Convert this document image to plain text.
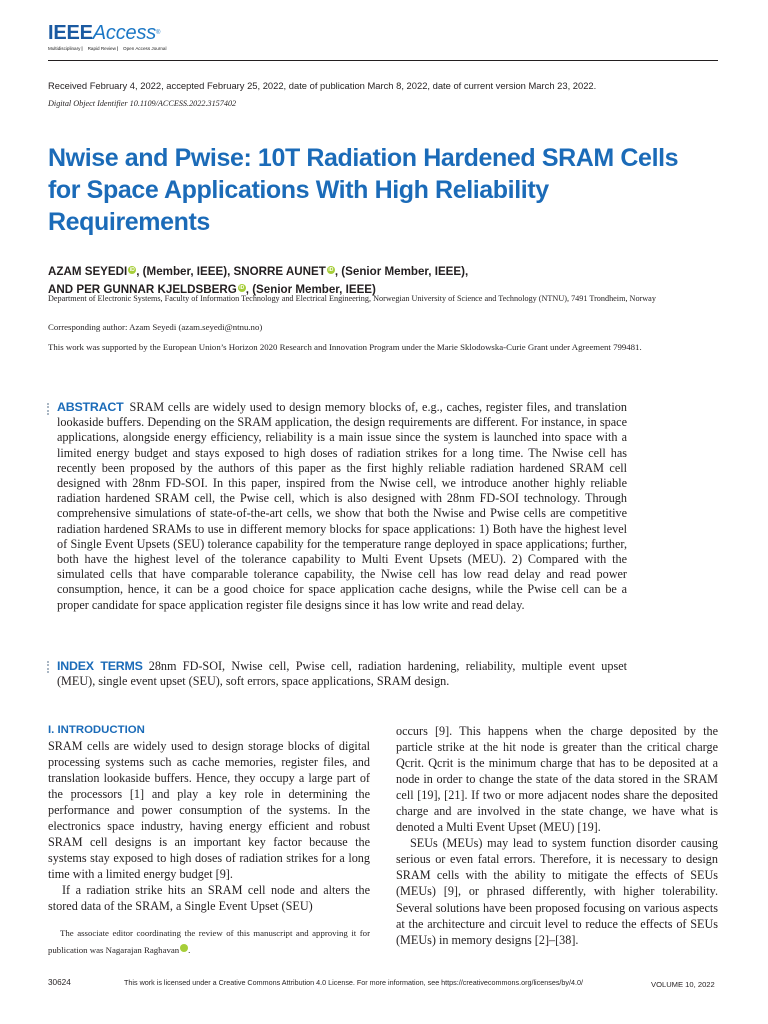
IEEEAccess®
Multidisciplinary ⎸ Rapid Review ⎸ Open Access Journal
Received February 4, 2022, accepted February 25, 2022, date of publication March 8, 2022, date of current version March 23, 2022.
Digital Object Identifier 10.1109/ACCESS.2022.3157402
Nwise and Pwise: 10T Radiation Hardened SRAM Cells for Space Applications With High Reliability Requirements
AZAM SEYEDI iD , (Member, IEEE), SNORRE AUNET iD , (Senior Member, IEEE),
AND PER GUNNAR KJELDSBERG iD , (Senior Member, IEEE)
Department of Electronic Systems, Faculty of Information Technology and Electrical Engineering, Norwegian University of Science and Technology (NTNU), 7491 Trondheim, Norway
Corresponding author: Azam Seyedi (azam.seyedi@ntnu.no)
This work was supported by the European Union’s Horizon 2020 Research and Innovation Program under the Marie Sklodowska-Curie Grant under Agreement 799481.
ABSTRACT SRAM cells are widely used to design memory blocks of, e.g., caches, register files, and translation lookaside buffers. Depending on the SRAM application, the design requirements are different. For instance, in space applications, alongside energy efficiency, reliability is a main issue since the system is launched into space with a limited energy budget and stays exposed to high doses of radiation strikes for a long time. The Nwise cell has recently been proposed by the authors of this paper as the first highly reliable radiation hardened SRAM cell designed with 28nm FD-SOI. In this paper, inspired from the Nwise cell, we introduce another highly reliable radiation hardened SRAM cell, the Pwise cell, which is also designed with 28nm FD-SOI technology. Through comprehensive simulations of state-of-the-art cells, we show that both the Nwise and Pwise cells are competitive radiation hardened SRAMs to use in different memory blocks for space applications: 1) Both have the highest level of Single Event Upsets (SEU) tolerance capability for the temperature range deployed in space applications; further, both have the highest level of the tolerance capability to Multi Event Upsets (MEU). 2) Compared with the simulated cells that have comparable tolerance capability, the Nwise cell has low read delay and read power consumption, hence, it can be a good choice for space application cache designs, while the Pwise cell can be a proper candidate for space application register file designs since it has low write and read delay.
INDEX TERMS 28nm FD-SOI, Nwise cell, Pwise cell, radiation hardening, reliability, multiple event upset (MEU), single event upset (SEU), soft errors, space applications, SRAM design.
I. INTRODUCTION
SRAM cells are widely used to design storage blocks of digital processing systems such as cache memories, register files, and translation lookaside buffers. Hence, they occupy a large part of the processors [1] and play a key role in determining the performance and power consumption of the systems. In the electronics space industry, having energy efficient and robust SRAM cell designs is an important key factor because the systems stay exposed to high doses of radiation strikes for a long time with a limited energy budget [9].
If a radiation strike hits an SRAM cell node and alters the stored data of the SRAM, a Single Event Upset (SEU)
The associate editor coordinating the review of this manuscript and approving it for publication was Nagarajan Raghavan	iD.
occurs [9]. This happens when the charge deposited by the particle strike at the hit node is greater than the critical charge Qcrit. Qcrit is the minimum charge that has to be deposited at a node in order to change the state of the data stored in the SRAM cell [19], [21]. If two or more adjacent nodes share the deposited charge and are involved in the state change, we have what is denoted a Multi Event Upset (MEU) [19].
SEUs (MEUs) may lead to system function disorder causing serious or even fatal errors. Therefore, it is necessary to design SRAM cells with the ability to mitigate the effects of SEUs (MEUs) [9], or phrased differently, with higher tolerability. Several solutions have been proposed focusing on various aspects at the architecture and circuit level to reduce the effects of SEUs (MEUs) in memory designs [2]–[38].
30624	This work is licensed under a Creative Commons Attribution 4.0 License. For more information, see https://creativecommons.org/licenses/by/4.0/	VOLUME 10, 2022
